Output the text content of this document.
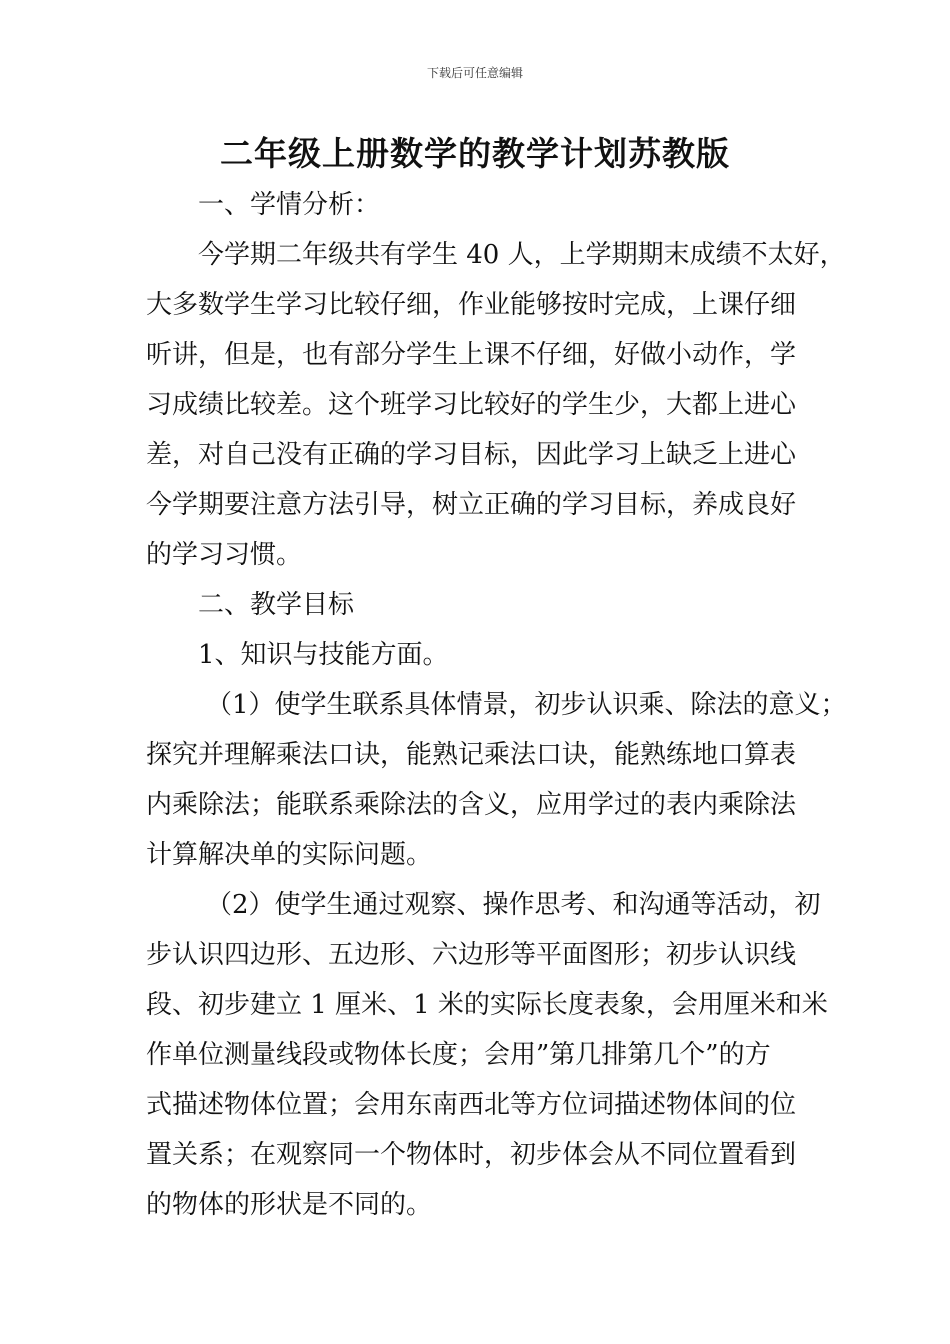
下载后可任意编辑
二年级上册数学的教学计划苏教版
一、学情分析：
今学期二年级共有学生 40 人，上学期期末成绩不太好，
大多数学生学习比较仔细，作业能够按时完成，上课仔细
听讲，但是，也有部分学生上课不仔细，好做小动作，学
习成绩比较差。这个班学习比较好的学生少，大都上进心
差，对自己没有正确的学习目标，因此学习上缺乏上进心
今学期要注意方法引导，树立正确的学习目标，养成良好
的学习习惯。
二、教学目标
1、知识与技能方面。
（1）使学生联系具体情景，初步认识乘、除法的意义；
探究并理解乘法口诀，能熟记乘法口诀，能熟练地口算表
内乘除法；能联系乘除法的含义，应用学过的表内乘除法
计算解决单的实际问题。
（2）使学生通过观察、操作思考、和沟通等活动，初
步认识四边形、五边形、六边形等平面图形；初步认识线
段、初步建立 1 厘米、1 米的实际长度表象，会用厘米和米
作单位测量线段或物体长度；会用”第几排第几个”的方
式描述物体位置；会用东南西北等方位词描述物体间的位
置关系；在观察同一个物体时，初步体会从不同位置看到
的物体的形状是不同的。
